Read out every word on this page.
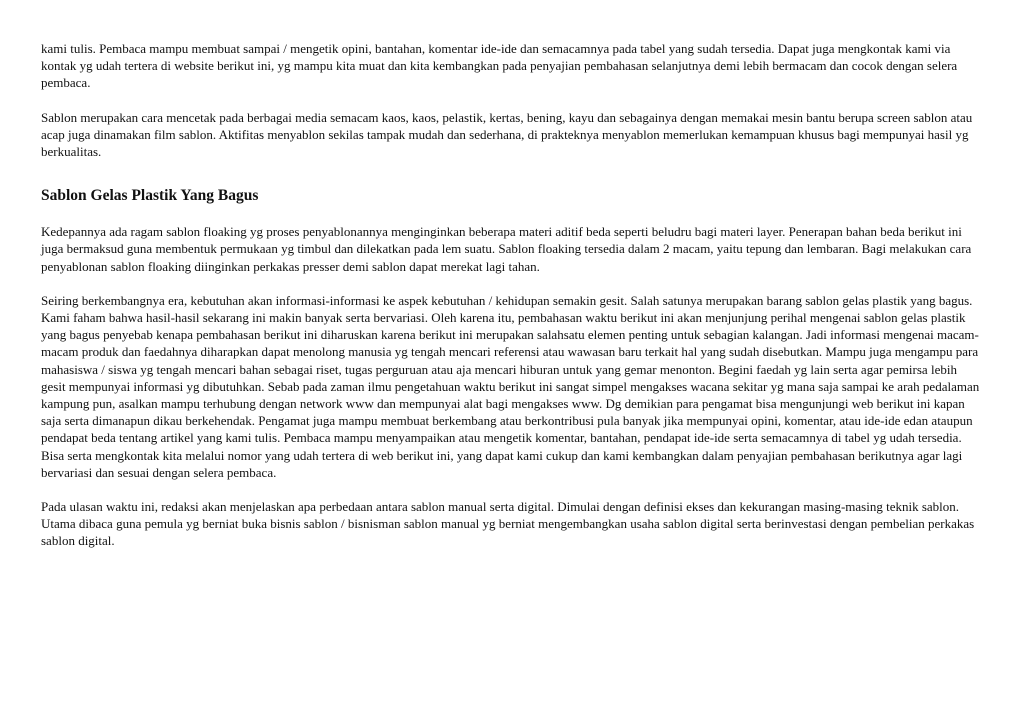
kami tulis. Pembaca mampu membuat sampai / mengetik opini, bantahan, komentar ide-ide dan semacamnya pada tabel yang sudah tersedia. Dapat juga mengkontak kami via kontak yg udah tertera di website berikut ini, yg mampu kita muat dan kita kembangkan pada penyajian pembahasan selanjutnya demi lebih bermacam dan cocok dengan selera pembaca.

Sablon merupakan cara mencetak pada berbagai media semacam kaos, kaos, pelastik, kertas, bening, kayu dan sebagainya dengan memakai mesin bantu berupa screen sablon atau acap juga dinamakan film sablon. Aktifitas menyablon sekilas tampak mudah dan sederhana, di prakteknya menyablon memerlukan kemampuan khusus bagi mempunyai hasil yg berkualitas.

Sablon Gelas Plastik Yang Bagus

Kedepannya ada ragam sablon floaking yg proses penyablonannya menginginkan beberapa materi aditif beda seperti beludru bagi materi layer. Penerapan bahan beda berikut ini juga bermaksud guna membentuk permukaan yg timbul dan dilekatkan pada lem suatu. Sablon floaking tersedia dalam 2 macam, yaitu tepung dan lembaran. Bagi melakukan cara penyablonan sablon floaking diinginkan perkakas presser demi sablon dapat merekat lagi tahan.

Seiring berkembangnya era, kebutuhan akan informasi-informasi ke aspek kebutuhan / kehidupan semakin gesit. Salah satunya merupakan barang sablon gelas plastik yang bagus. Kami faham bahwa hasil-hasil sekarang ini makin banyak serta bervariasi. Oleh karena itu, pembahasan waktu berikut ini akan menjunjung perihal mengenai sablon gelas plastik yang bagus penyebab kenapa pembahasan berikut ini diharuskan karena berikut ini merupakan salahsatu elemen penting untuk sebagian kalangan. Jadi informasi mengenai macam-macam produk dan faedahnya diharapkan dapat menolong manusia yg tengah mencari referensi atau wawasan baru terkait hal yang sudah disebutkan. Mampu juga mengampu para mahasiswa / siswa yg tengah mencari bahan sebagai riset, tugas perguruan atau aja mencari hiburan untuk yang gemar menonton. Begini faedah yg lain serta agar pemirsa lebih gesit mempunyai informasi yg dibutuhkan. Sebab pada zaman ilmu pengetahuan waktu berikut ini sangat simpel mengakses wacana sekitar yg mana saja sampai ke arah pedalaman kampung pun, asalkan mampu terhubung dengan network www dan mempunyai alat bagi mengakses www. Dg demikian para pengamat bisa mengunjungi web berikut ini kapan saja serta dimanapun dikau berkehendak. Pengamat juga mampu membuat berkembang atau berkontribusi pula banyak jika mempunyai opini, komentar, atau ide-ide edan ataupun pendapat beda tentang artikel yang kami tulis. Pembaca mampu menyampaikan atau mengetik komentar, bantahan, pendapat ide-ide serta semacamnya di tabel yg udah tersedia. Bisa serta mengkontak kita melalui nomor yang udah tertera di web berikut ini, yang dapat kami cukup dan kami kembangkan dalam penyajian pembahasan berikutnya agar lagi bervariasi dan sesuai dengan selera pembaca.

Pada ulasan waktu ini, redaksi akan menjelaskan apa perbedaan antara sablon manual serta digital. Dimulai dengan definisi ekses dan kekurangan masing-masing teknik sablon. Utama dibaca guna pemula yg berniat buka bisnis sablon / bisnisman sablon manual yg berniat mengembangkan usaha sablon digital serta berinvestasi dengan pembelian perkakas sablon digital.
